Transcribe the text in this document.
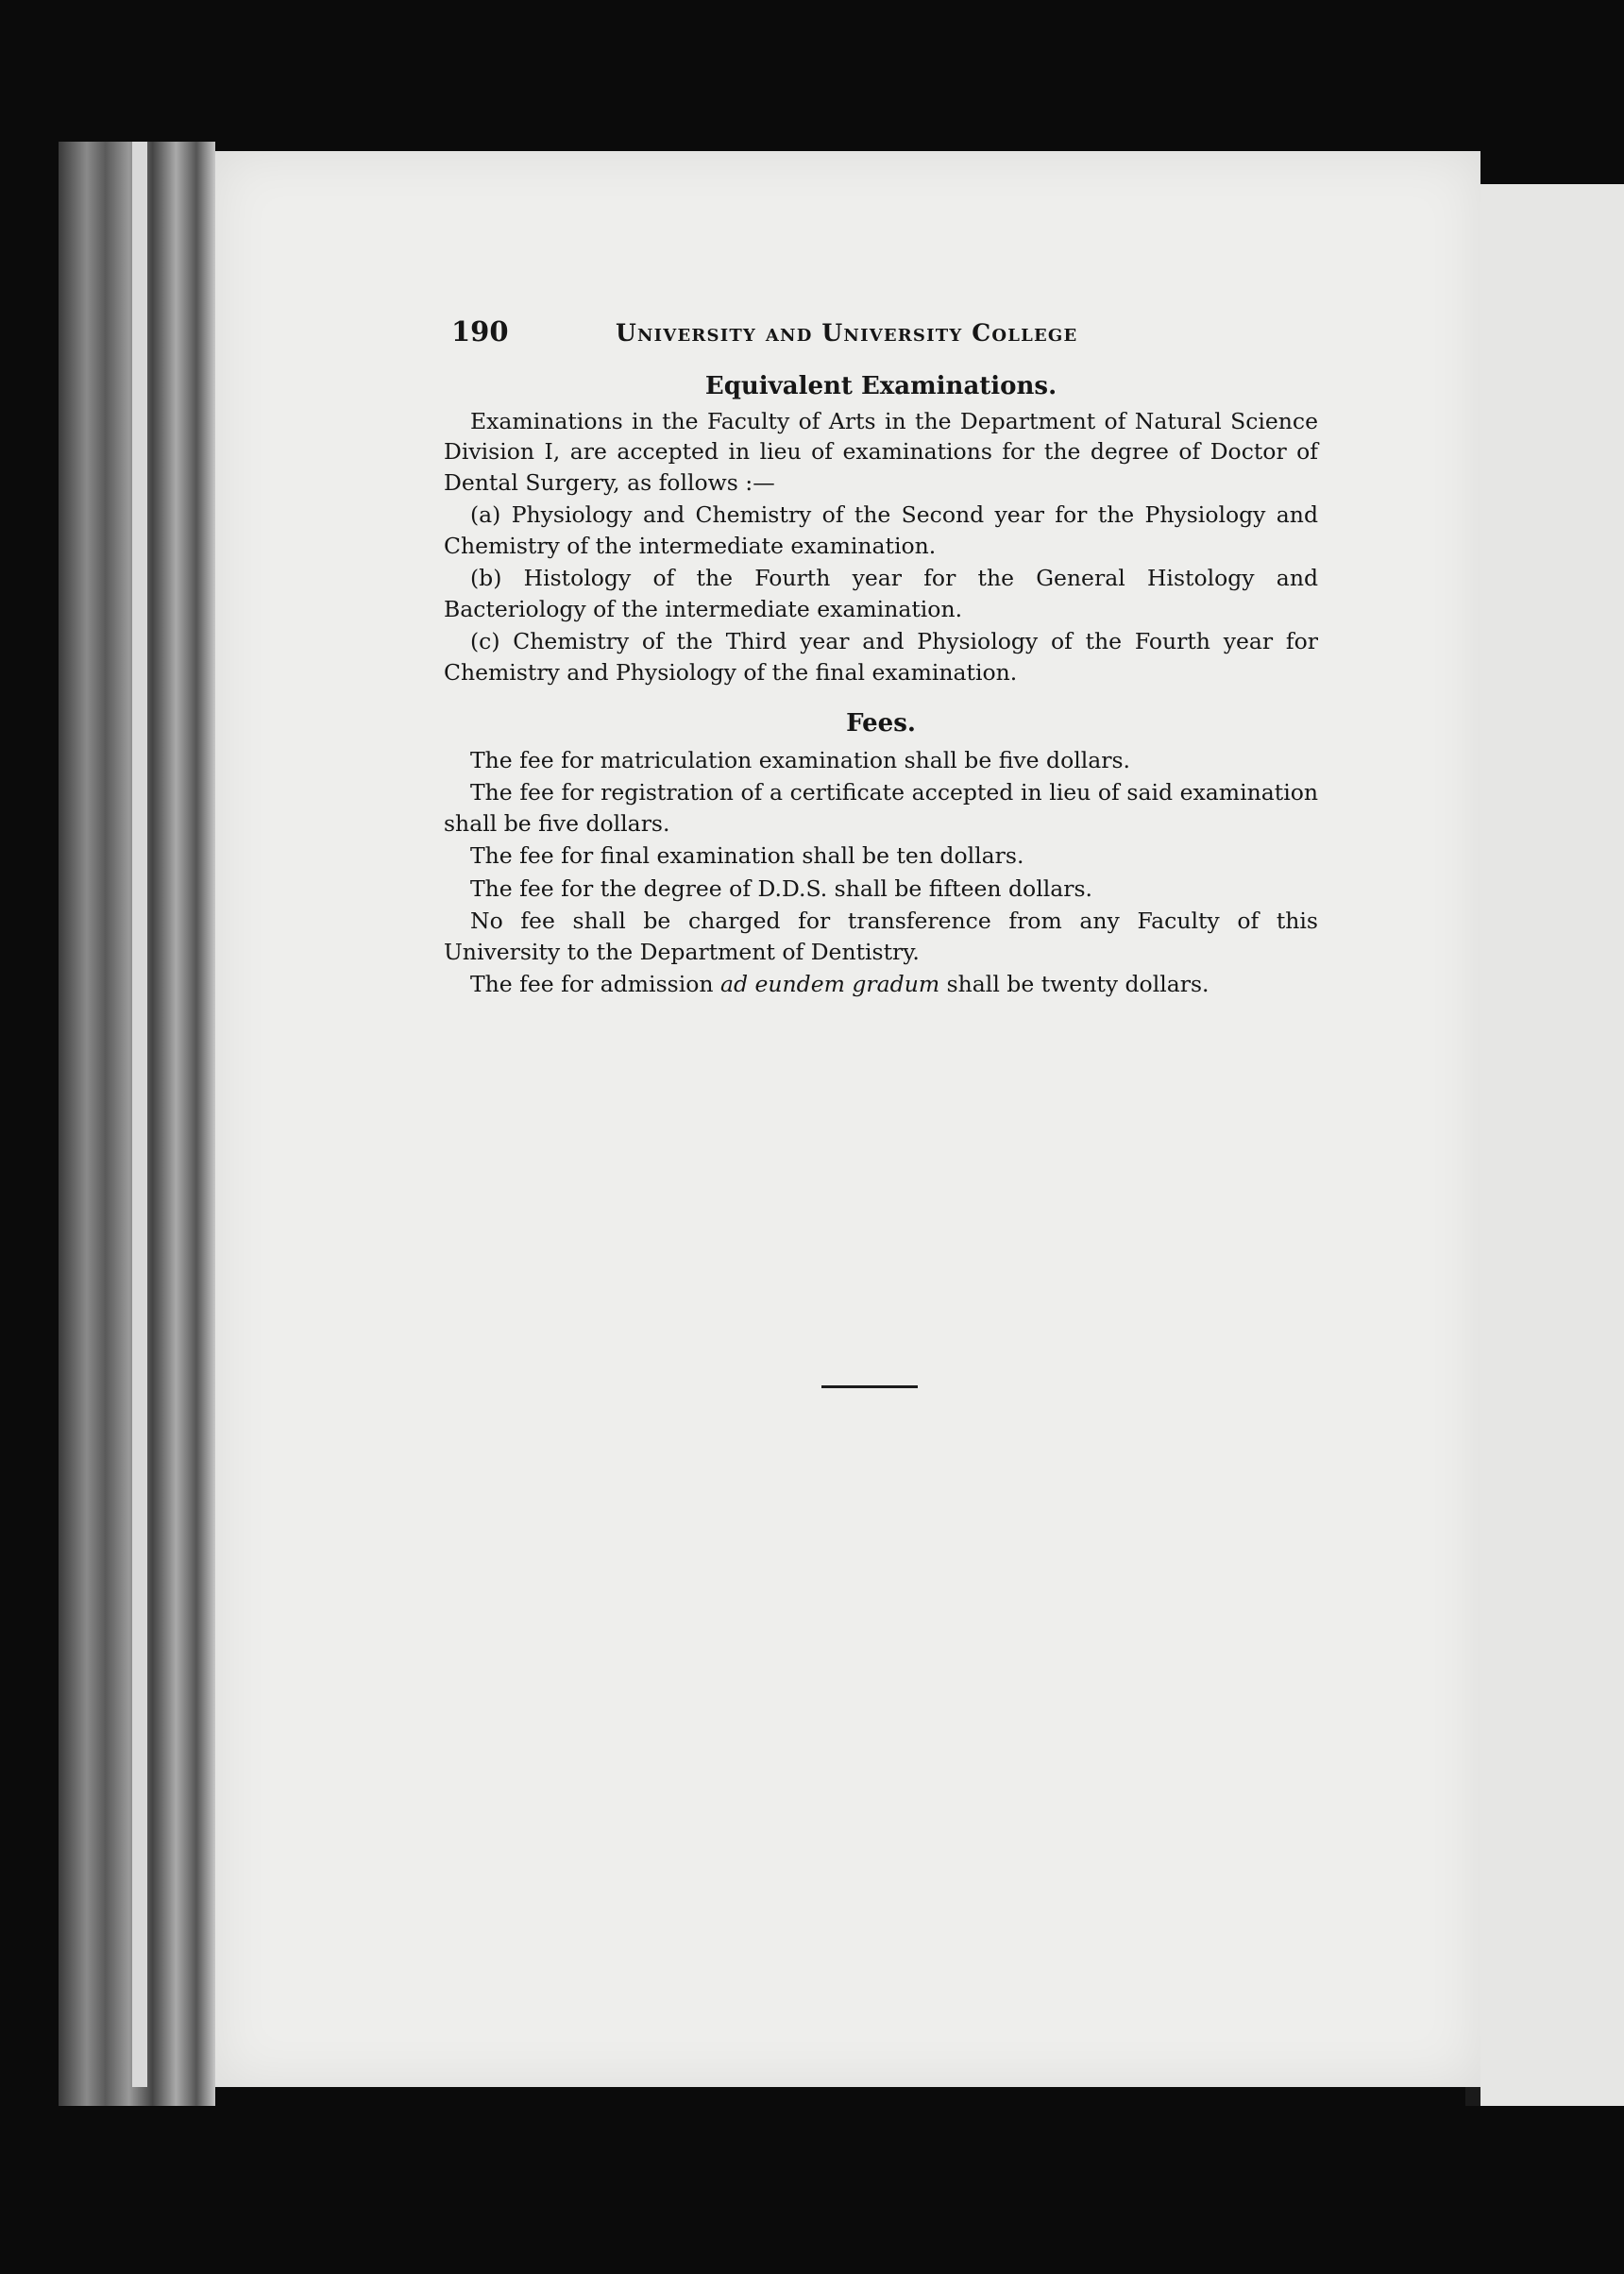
190	University and University College
Equivalent Examinations.

Examinations in the Faculty of Arts in the Department of Natural Science Division I, are accepted in lieu of examinations for the degree of Doctor of Dental Surgery, as follows :—

(a) Physiology and Chemistry of the Second year for the Physiology and Chemistry of the intermediate examination.

(b) Histology of the Fourth year for the General Histology and Bacteriology of the intermediate examination.

(c) Chemistry of the Third year and Physiology of the Fourth year for Chemistry and Physiology of the final examination.

Fees.

The fee for matriculation examination shall be five dollars.

The fee for registration of a certificate accepted in lieu of said examination shall be five dollars.

The fee for final examination shall be ten dollars.

The fee for the degree of D.D.S. shall be fifteen dollars.

No fee shall be charged for transference from any Faculty of this University to the Department of Dentistry.

The fee for admission ad eundem gradum shall be twenty dollars.
